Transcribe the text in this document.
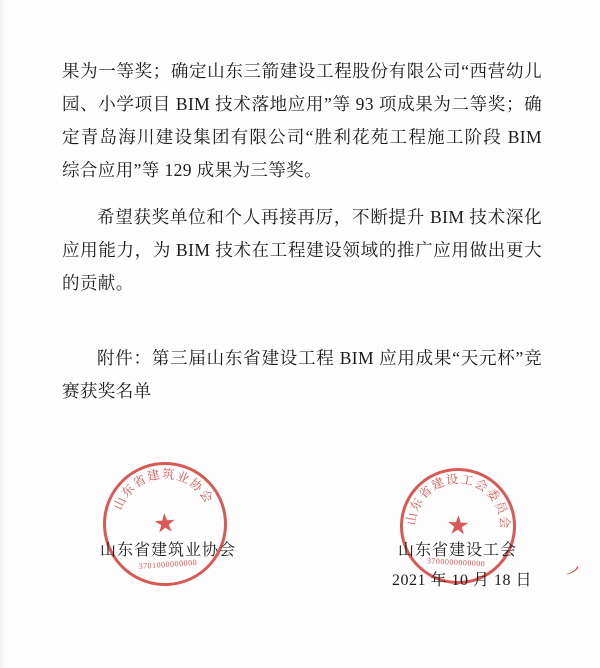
果为一等奖；确定山东三箭建设工程股份有限公司“西营幼儿园、小学项目 BIM 技术落地应用”等 93 项成果为二等奖；确定青岛海川建设集团有限公司“胜利花苑工程施工阶段 BIM 综合应用”等 129 成果为三等奖。

希望获奖单位和个人再接再厉，不断提升 BIM 技术深化应用能力，为 BIM 技术在工程建设领域的推广应用做出更大的贡献。

附件：第三届山东省建设工程 BIM 应用成果“天元杯”竞赛获奖名单

山东省建筑业协会
★
3701000000000
山东省建设工会委员会
★
3700000000000
山东省建筑业协会	山东省建设工会
2021 年 10 月 18 日 ノ
